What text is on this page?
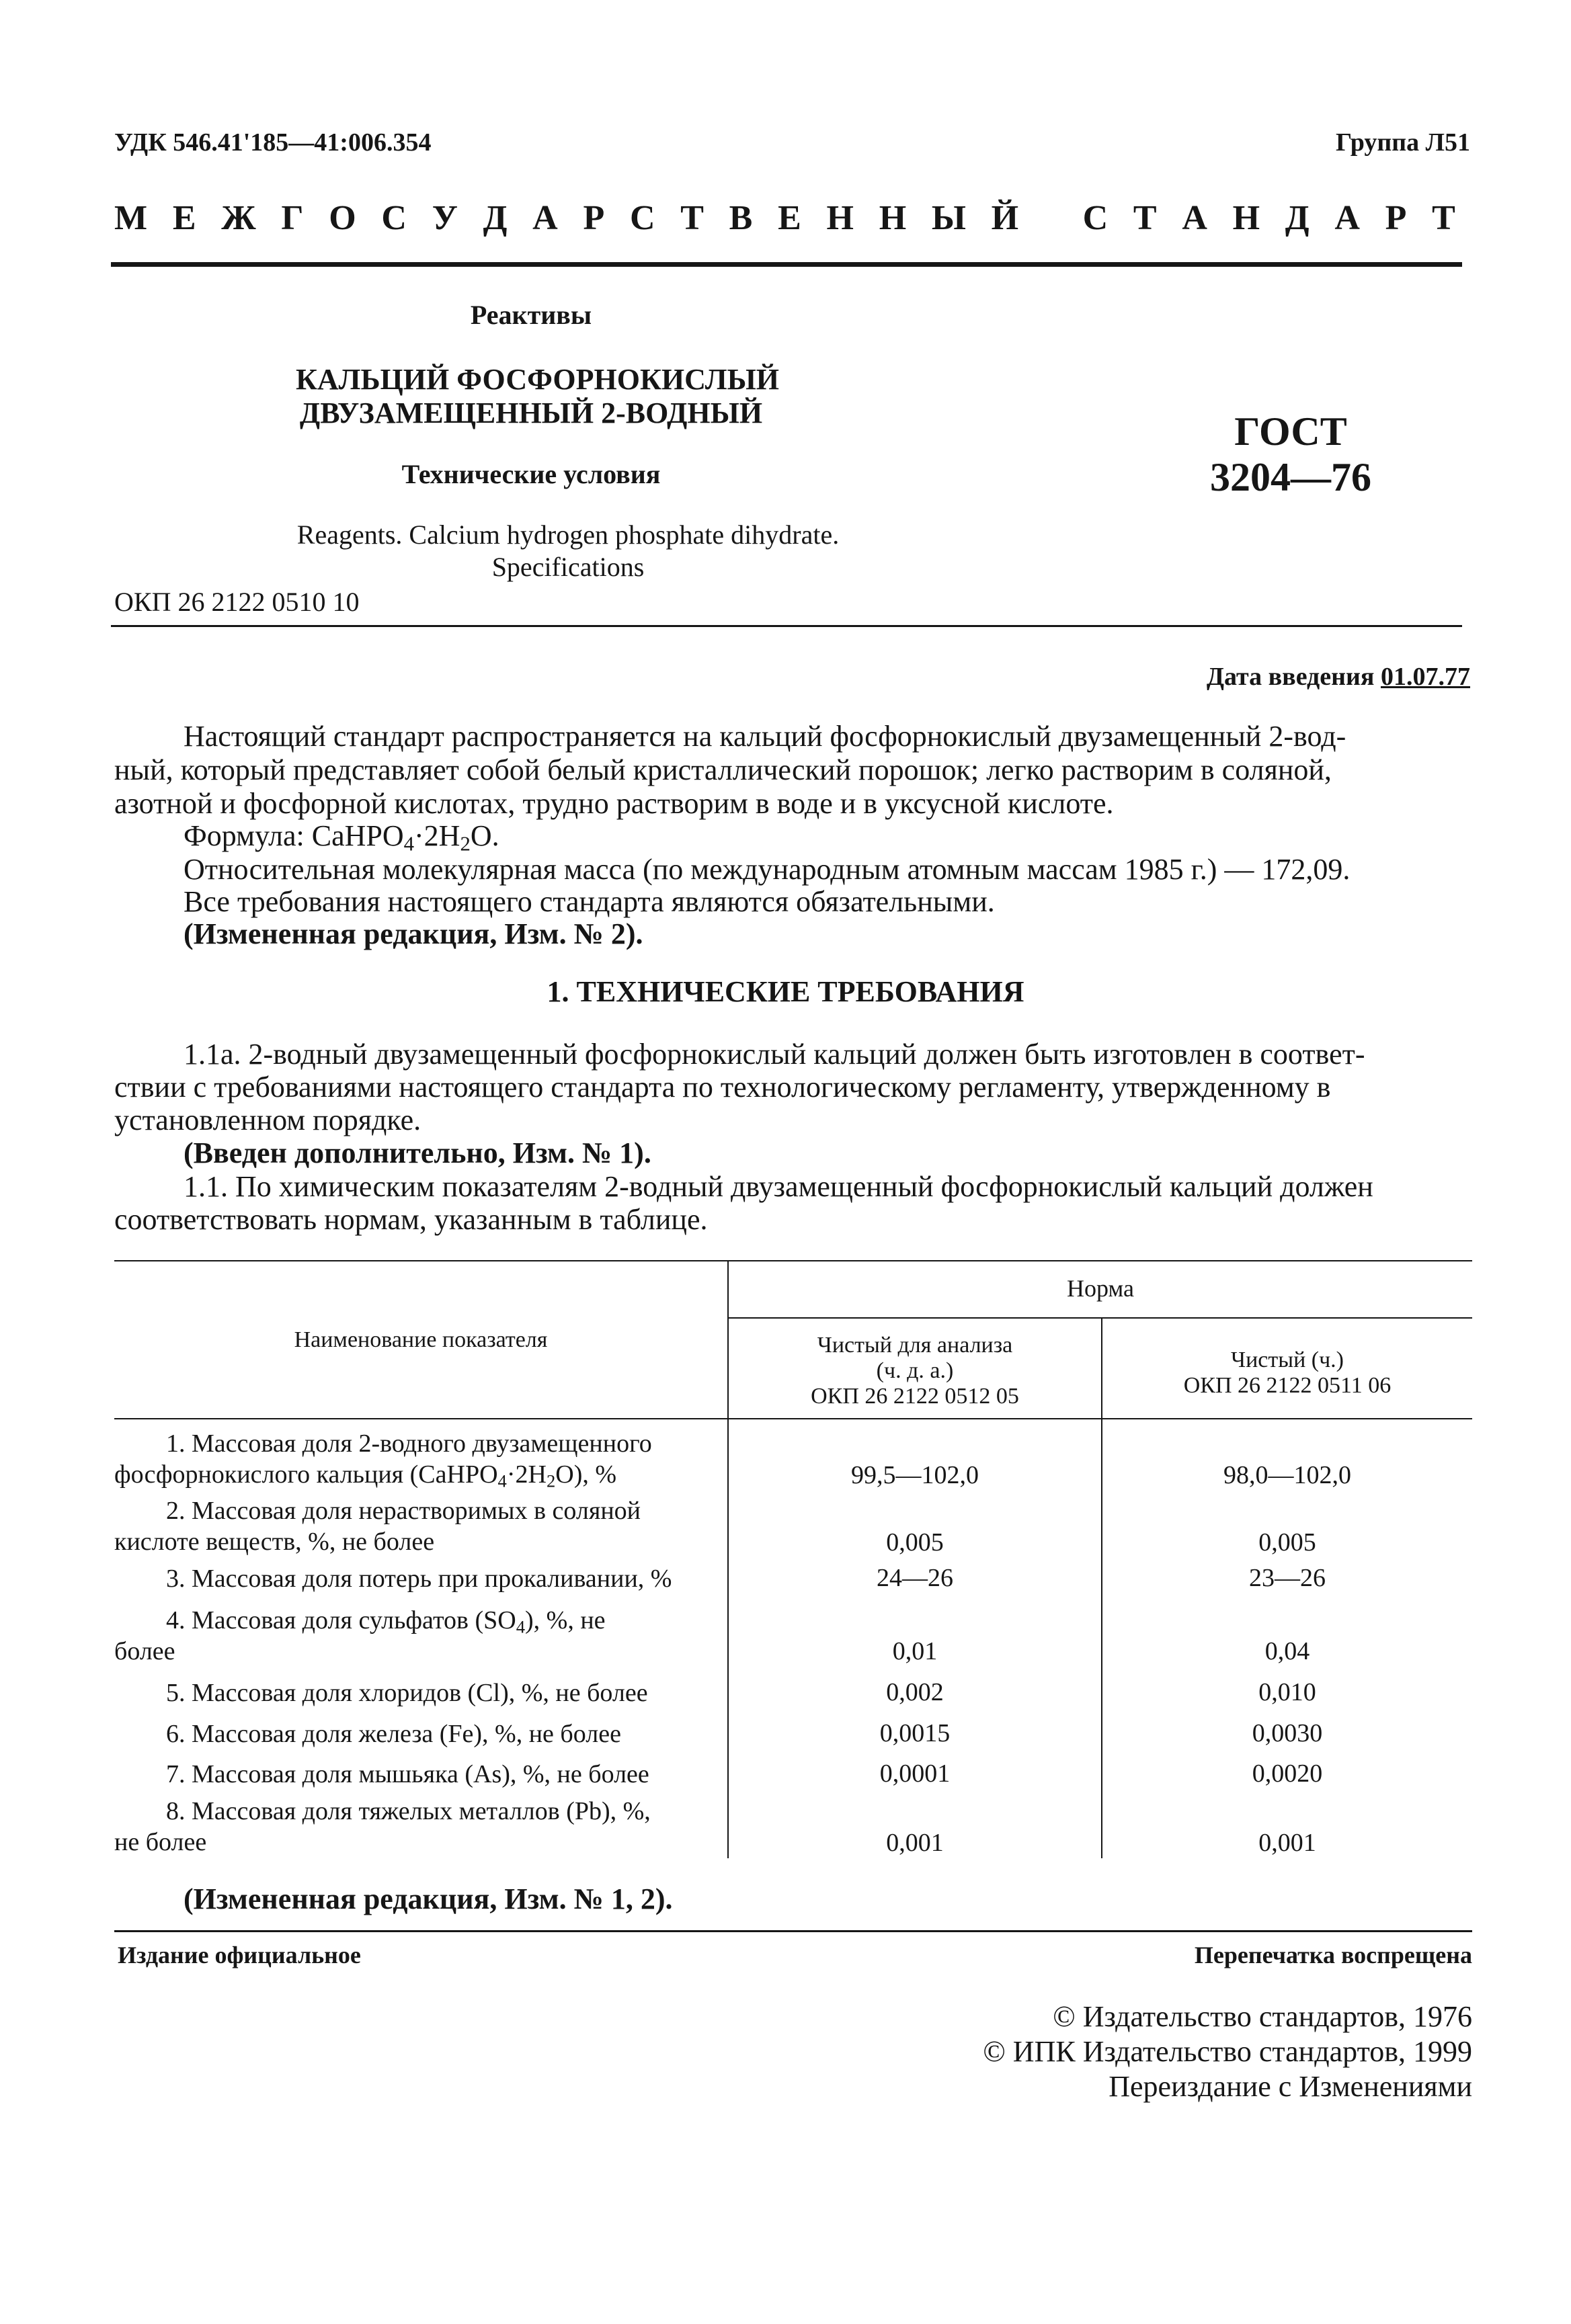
УДК 546.41'185—41:006.354	Группа Л51
М Е Ж Г О С У Д А Р С Т В Е Н Н Ы Й С Т А Н Д А Р Т
Реактивы
КАЛЬЦИЙ ФОСФОРНОКИСЛЫЙ
ДВУЗАМЕЩЕННЫЙ 2-ВОДНЫЙ
Технические условия
ГОСТ
3204—76
Reagents. Calcium hydrogen phosphate dihydrate.
Specifications
ОКП 26 2122 0510 10
Дата введения 01.07.77
Настоящий стандарт распространяется на кальций фосфорнокислый двузамещенный 2-вод-
ный, который представляет собой белый кристаллический порошок; легко растворим в соляной,
азотной и фосфорной кислотах, трудно растворим в воде и в уксусной кислоте.
Формула: $CaHPO_4\cdot 2H_2O$.
Относительная молекулярная масса (по международным атомным массам 1985 г.) — 172,09.
Все требования настоящего стандарта являются обязательными.
(Измененная редакция, Изм. № 2).
1. ТЕХНИЧЕСКИЕ ТРЕБОВАНИЯ
1.1а. 2-водный двузамещенный фосфорнокислый кальций должен быть изготовлен в соответ-
ствии с требованиями настоящего стандарта по технологическому регламенту, утвержденному в
установленном порядке.
(Введен дополнительно, Изм. № 1).
1.1. По химическим показателям 2-водный двузамещенный фосфорнокислый кальций должен
соответствовать нормам, указанным в таблице.
Наименование показателя
Норма
Чистый для анализа
(ч. д. а.)
ОКП 26 2122 0512 05
Чистый (ч.)
ОКП 26 2122 0511 06
1. Массовая доля 2-водного двузамещенного
фосфорнокислого кальция $(CaHPO_4\cdot 2H_2O)$, %	99,5—102,0	98,0—102,0
2. Массовая доля нерастворимых в соляной
кислоте веществ, %, не более	0,005	0,005
3. Массовая доля потерь при прокаливании, %	24—26	23—26
4. Массовая доля сульфатов $(SO_4)$, %, не
более	0,01	0,04
5. Массовая доля хлоридов (Cl), %, не более	0,002	0,010
6. Массовая доля железа (Fe), %, не более	0,0015	0,0030
7. Массовая доля мышьяка (As), %, не более	0,0001	0,0020
8. Массовая доля тяжелых металлов (Pb), %,
не более	0,001	0,001
(Измененная редакция, Изм. № 1, 2).
Издание официальное	Перепечатка воспрещена
© Издательство стандартов, 1976
© ИПК Издательство стандартов, 1999
Переиздание с Изменениями
